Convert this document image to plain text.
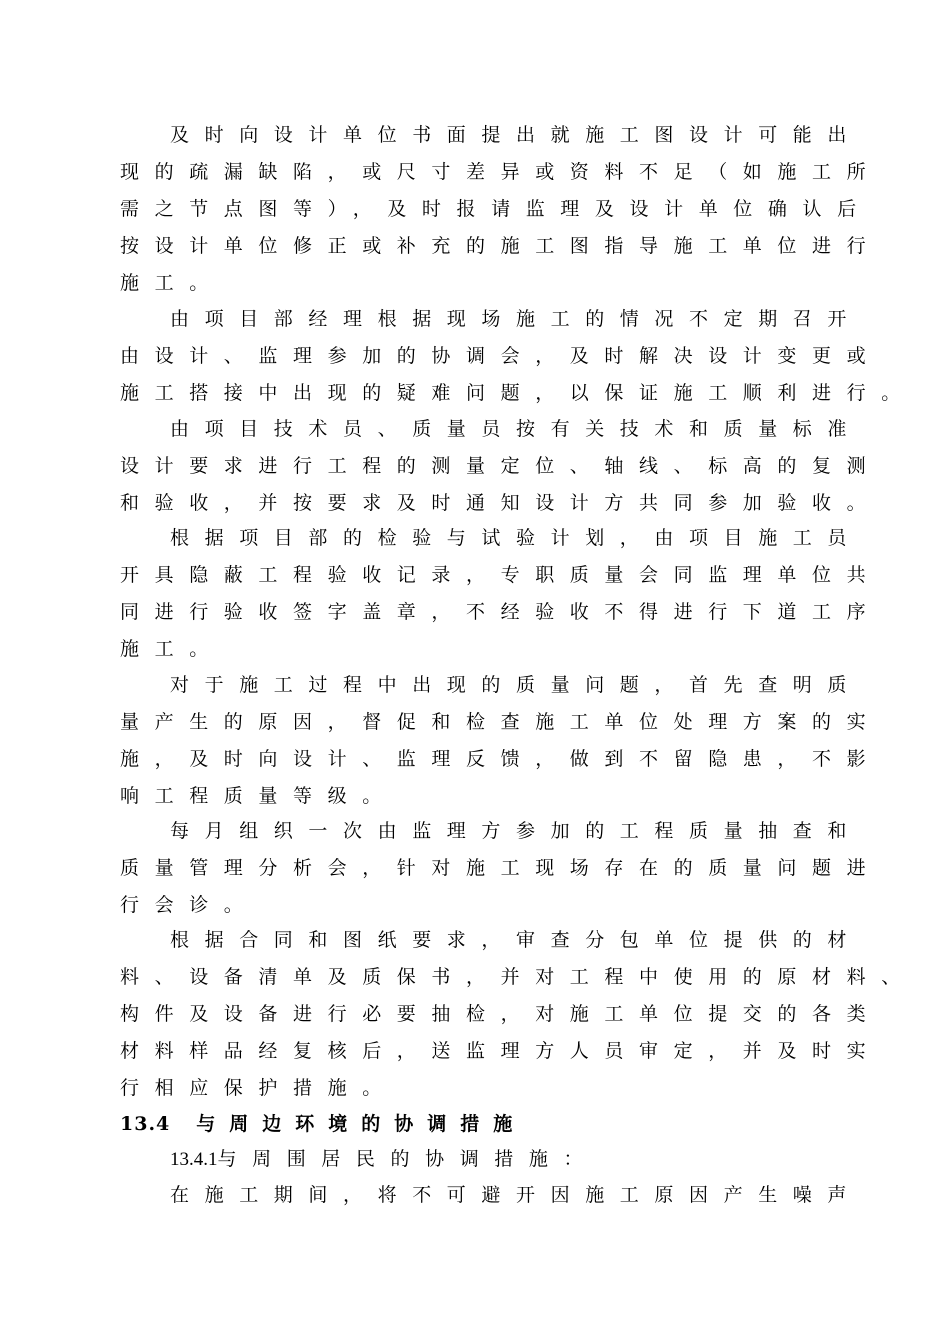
及时向设计单位书面提出就施工图设计可能出
现的疏漏缺陷，或尺寸差异或资料不足（如施工所
需之节点图等），及时报请监理及设计单位确认后
按设计单位修正或补充的施工图指导施工单位进行
施工。
由项目部经理根据现场施工的情况不定期召开
由设计、监理参加的协调会，及时解决设计变更或
施工搭接中出现的疑难问题，以保证施工顺利进行。
由项目技术员、质量员按有关技术和质量标准
设计要求进行工程的测量定位、轴线、标高的复测
和验收，并按要求及时通知设计方共同参加验收。
根据项目部的检验与试验计划，由项目施工员
开具隐蔽工程验收记录，专职质量会同监理单位共
同进行验收签字盖章，不经验收不得进行下道工序
施工。
对于施工过程中出现的质量问题，首先查明质
量产生的原因，督促和检查施工单位处理方案的实
施，及时向设计、监理反馈，做到不留隐患，不影
响工程质量等级。
每月组织一次由监理方参加的工程质量抽查和
质量管理分析会，针对施工现场存在的质量问题进
行会诊。
根据合同和图纸要求，审查分包单位提供的材
料、设备清单及质保书，并对工程中使用的原材料、
构件及设备进行必要抽检，对施工单位提交的各类
材料样品经复核后，送监理方人员审定，并及时实
行相应保护措施。
13.4 与周边环境的协调措施
13.4.1与周围居民的协调措施：
在施工期间，将不可避开因施工原因产生噪声
